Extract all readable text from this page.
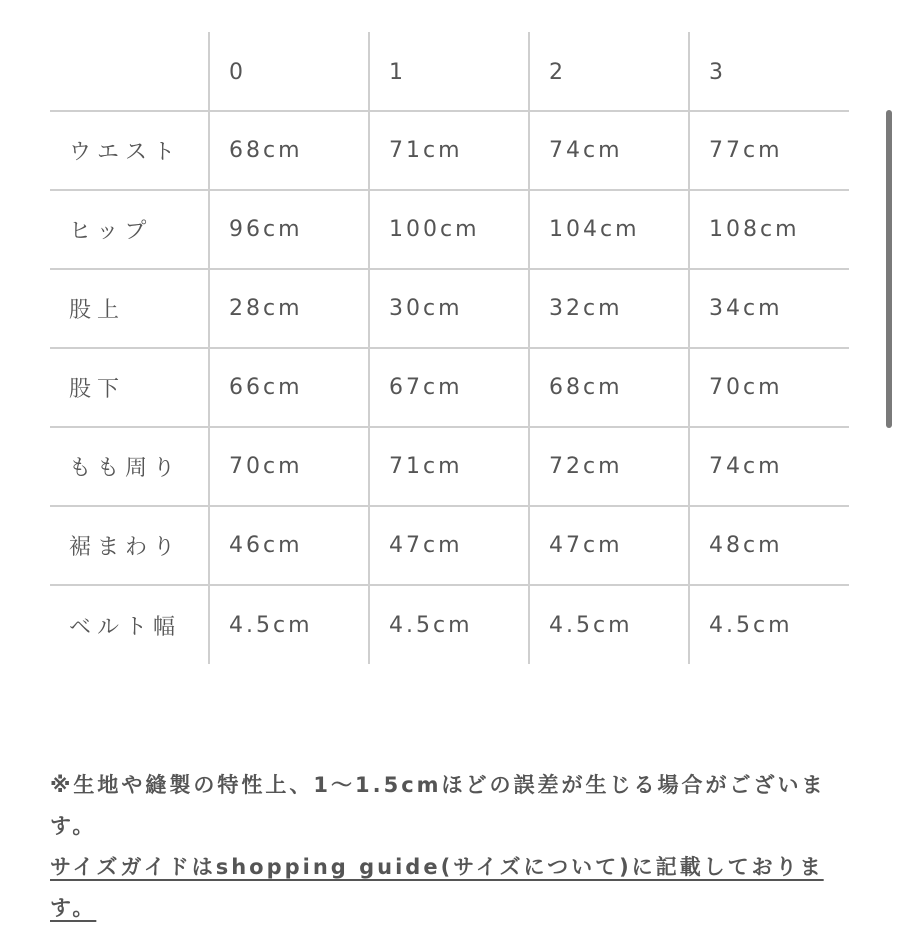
	0	1	2	3
ウエスト	68cm	71cm	74cm	77cm
ヒップ	96cm	100cm	104cm	108cm
股上	28cm	30cm	32cm	34cm
股下	66cm	67cm	68cm	70cm
もも周り	70cm	71cm	72cm	74cm
裾まわり	46cm	47cm	47cm	48cm
ベルト幅	4.5cm	4.5cm	4.5cm	4.5cm

※生地や縫製の特性上、1〜1.5cmほどの誤差が生じる場合がございます。

サイズガイドはshopping guide(サイズについて)に記載しております。
